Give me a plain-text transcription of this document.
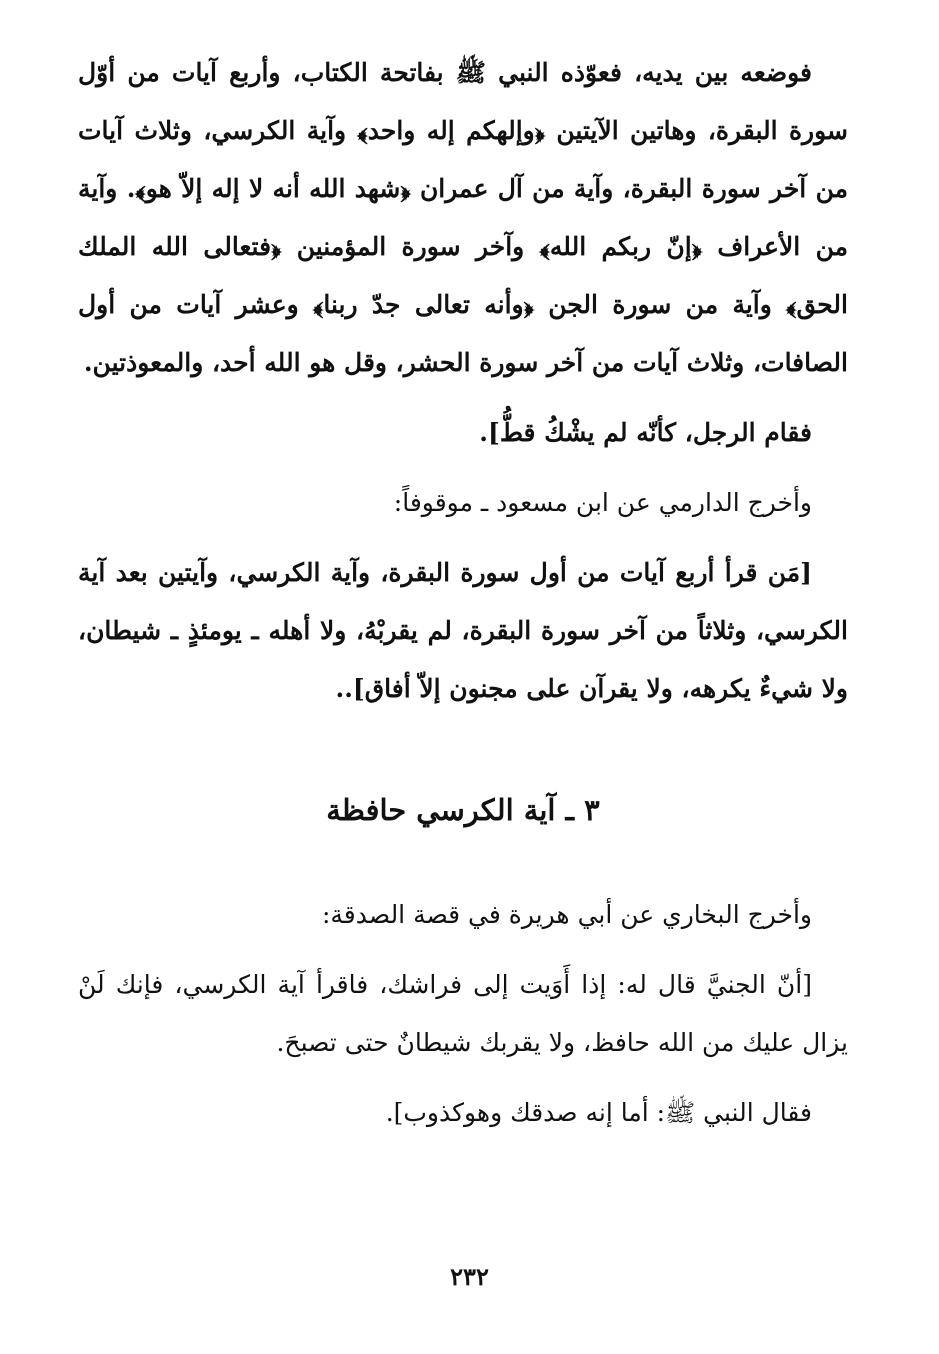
فوضعه بين يديه، فعوّذه النبي ﷺ بفاتحة الكتاب، وأربع آيات من أوّل سورة البقرة، وهاتين الآيتين ﴿وإلهكم إله واحد﴾ وآية الكرسي، وثلاث آيات من آخر سورة البقرة، وآية من آل عمران ﴿شهد الله أنه لا إله إلاّ هو﴾. وآية من الأعراف ﴿إنّ ربكم الله﴾ وآخر سورة المؤمنين ﴿فتعالى الله الملك الحق﴾ وآية من سورة الجن ﴿وأنه تعالى جدّ ربنا﴾ وعشر آيات من أول الصافات، وثلاث آيات من آخر سورة الحشر، وقل هو الله أحد، والمعوذتين.

فقام الرجل، كأنّه لم يشْكُ قطُّ].

وأخرج الدارمي عن ابن مسعود ـ موقوفاً:

[مَن قرأ أربع آيات من أول سورة البقرة، وآية الكرسي، وآيتين بعد آية الكرسي، وثلاثاً من آخر سورة البقرة، لم يقربْهُ، ولا أهله ـ يومئذٍ ـ شيطان، ولا شيءٌ يكرهه، ولا يقرآن على مجنون إلاّ أفاق]..

٣ ـ آية الكرسي حافظة

وأخرج البخاري عن أبي هريرة في قصة الصدقة:

[أنّ الجنيَّ قال له: إذا أَوَيت إلى فراشك، فاقرأ آية الكرسي، فإنك لَنْ يزال عليك من الله حافظ، ولا يقربك شيطانٌ حتى تصبحَ.

فقال النبي ﷺ: أما إنه صدقك وهوكذوب].

٢٣٢
